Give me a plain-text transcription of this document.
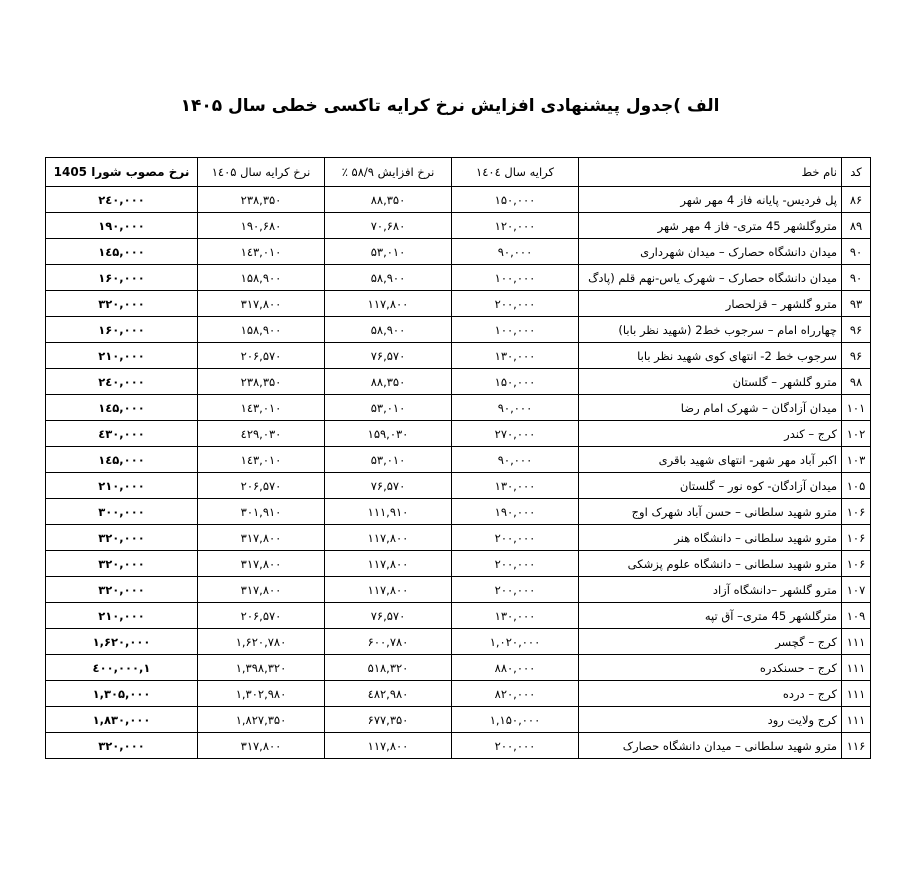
الف )جدول پیشنهادی افزایش نرخ کرایه تاکسی خطی سال ۱۴۰۵
کد	نام خط	کرایه سال ۱٤۰٤	نرخ افزایش ۵۸/۹ ٪	نرخ کرایه سال ۱٤۰۵	نرخ مصوب شورا 1405
۸۶	پل فردیس- پایانه فاز 4 مهر شهر	۱۵۰,۰۰۰	۸۸,۳۵۰	۲۳۸,۳۵۰	۲٤۰,۰۰۰
۸۹	متروگلشهر 45 متری- فاز 4 مهر شهر	۱۲۰,۰۰۰	۷۰,۶۸۰	۱۹۰,۶۸۰	۱۹۰,۰۰۰
۹۰	میدان دانشگاه حصارک – میدان شهرداری	۹۰,۰۰۰	۵۳,۰۱۰	۱٤۳,۰۱۰	۱٤۵,۰۰۰
۹۰	میدان دانشگاه حصارک – شهرک یاس-نهم قلم (پادگ	۱۰۰,۰۰۰	۵۸,۹۰۰	۱۵۸,۹۰۰	۱۶۰,۰۰۰
۹۳	مترو گلشهر – قزلحصار	۲۰۰,۰۰۰	۱۱۷,۸۰۰	۳۱۷,۸۰۰	۳۲۰,۰۰۰
۹۶	چهارراه امام – سرجوب خط2 (شهید نظر بابا)	۱۰۰,۰۰۰	۵۸,۹۰۰	۱۵۸,۹۰۰	۱۶۰,۰۰۰
۹۶	سرجوب خط 2- انتهای کوی شهید نظر بابا	۱۳۰,۰۰۰	۷۶,۵۷۰	۲۰۶,۵۷۰	۲۱۰,۰۰۰
۹۸	مترو گلشهر – گلستان	۱۵۰,۰۰۰	۸۸,۳۵۰	۲۳۸,۳۵۰	۲٤۰,۰۰۰
۱۰۱	میدان آزادگان – شهرک امام رضا	۹۰,۰۰۰	۵۳,۰۱۰	۱٤۳,۰۱۰	۱٤۵,۰۰۰
۱۰۲	کرج – کندر	۲۷۰,۰۰۰	۱۵۹,۰۳۰	٤۲۹,۰۳۰	٤۳۰,۰۰۰
۱۰۳	اکبر آباد مهر شهر- انتهای شهید باقری	۹۰,۰۰۰	۵۳,۰۱۰	۱٤۳,۰۱۰	۱٤۵,۰۰۰
۱۰۵	میدان آزادگان- کوه نور – گلستان	۱۳۰,۰۰۰	۷۶,۵۷۰	۲۰۶,۵۷۰	۲۱۰,۰۰۰
۱۰۶	مترو شهید سلطانی – حسن آباد شهرک اوج	۱۹۰,۰۰۰	۱۱۱,۹۱۰	۳۰۱,۹۱۰	۳۰۰,۰۰۰
۱۰۶	مترو شهید سلطانی – دانشگاه هنر	۲۰۰,۰۰۰	۱۱۷,۸۰۰	۳۱۷,۸۰۰	۳۲۰,۰۰۰
۱۰۶	مترو شهید سلطانی – دانشگاه علوم پزشکی	۲۰۰,۰۰۰	۱۱۷,۸۰۰	۳۱۷,۸۰۰	۳۲۰,۰۰۰
۱۰۷	مترو گلشهر –دانشگاه آزاد	۲۰۰,۰۰۰	۱۱۷,۸۰۰	۳۱۷,۸۰۰	۳۲۰,۰۰۰
۱۰۹	مترگلشهر 45 متری– آق تپه	۱۳۰,۰۰۰	۷۶,۵۷۰	۲۰۶,۵۷۰	۲۱۰,۰۰۰
۱۱۱	کرج – گچسر	۱,۰۲۰,۰۰۰	۶۰۰,۷۸۰	۱,۶۲۰,۷۸۰	۱,۶۲۰,۰۰۰
۱۱۱	کرج – حسنکدره	۸۸۰,۰۰۰	۵۱۸,۳۲۰	۱,۳۹۸,۳۲۰	۱,٤۰۰,۰۰۰
۱۱۱	کرج – درده	۸۲۰,۰۰۰	٤۸۲,۹۸۰	۱,۳۰۲,۹۸۰	۱,۳۰۵,۰۰۰
۱۱۱	کرج ولایت رود	۱,۱۵۰,۰۰۰	۶۷۷,۳۵۰	۱,۸۲۷,۳۵۰	۱,۸۳۰,۰۰۰
۱۱۶	مترو شهید سلطانی – میدان دانشگاه حصارک	۲۰۰,۰۰۰	۱۱۷,۸۰۰	۳۱۷,۸۰۰	۳۲۰,۰۰۰
